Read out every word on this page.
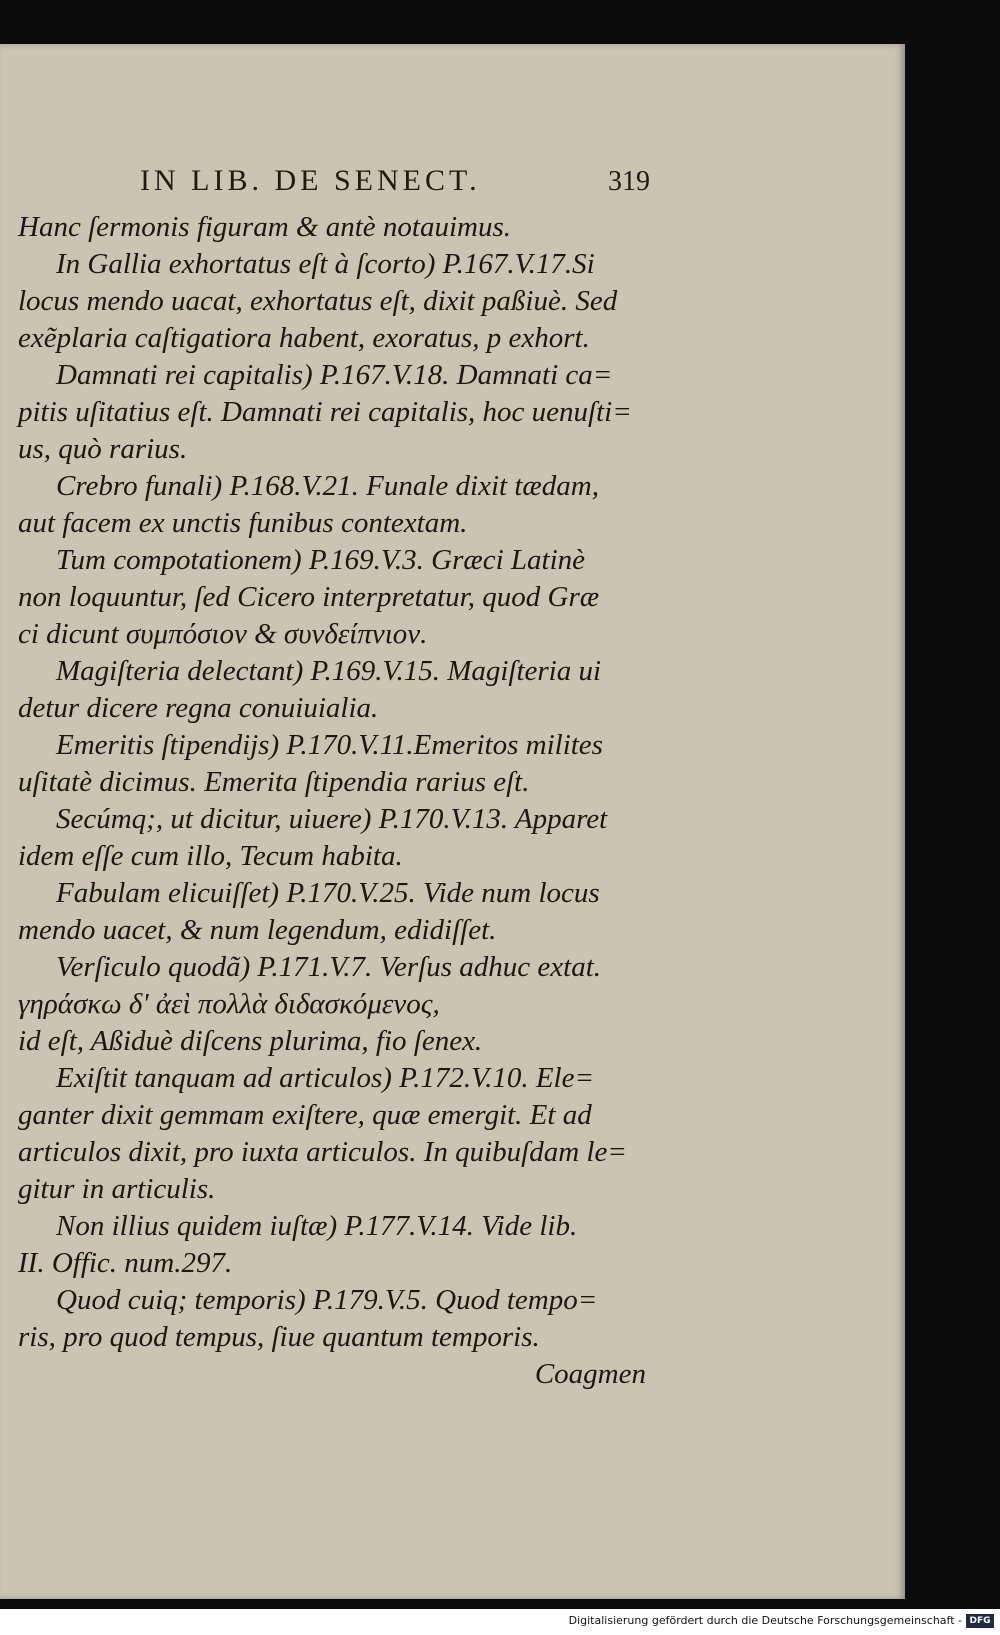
IN LIB. DE SENECT.	319
Hanc ſermonis figuram & antè notauimus.
In Gallia exhortatus eſt à ſcorto) P.167.V.17.Si
locus mendo uacat, exhortatus eſt, dixit paßiuè. Sed
exẽplaria caſtigatiora habent, exoratus, p exhort.
Damnati rei capitalis) P.167.V.18. Damnati ca=
pitis uſitatius eſt. Damnati rei capitalis, hoc uenuſti=
us, quò rarius.
Crebro funali) P.168.V.21. Funale dixit tædam,
aut facem ex unctis funibus contextam.
Tum compotationem) P.169.V.3. Græci Latinè
non loquuntur, ſed Cicero interpretatur, quod Græ
ci dicunt συμπόσιον & συνδείπνιον.
Magiſteria delectant) P.169.V.15. Magiſteria ui
detur dicere regna conuiuialia.
Emeritis ſtipendijs) P.170.V.11.Emeritos milites
uſitatè dicimus. Emerita ſtipendia rarius eſt.
Secúmq;, ut dicitur, uiuere) P.170.V.13. Apparet
idem eſſe cum illo, Tecum habita.
Fabulam elicuiſſet) P.170.V.25. Vide num locus
mendo uacet, & num legendum, edidiſſet.
Verſiculo quodã) P.171.V.7. Verſus adhuc extat.
γηράσκω δ' ἀεὶ πολλὰ διδασκόμενος,
id eſt, Aßiduè diſcens plurima, fio ſenex.
Exiſtit tanquam ad articulos) P.172.V.10. Ele=
ganter dixit gemmam exiſtere, quæ emergit. Et ad
articulos dixit, pro iuxta articulos. In quibuſdam le=
gitur in articulis.
Non illius quidem iuſtæ) P.177.V.14. Vide lib.
II. Offic. num.297.
Quod cuiq; temporis) P.179.V.5. Quod tempo=
ris, pro quod tempus, ſiue quantum temporis.
Coagmen
Digitalisierung gefördert durch die Deutsche Forschungsgemeinschaft - DFG
